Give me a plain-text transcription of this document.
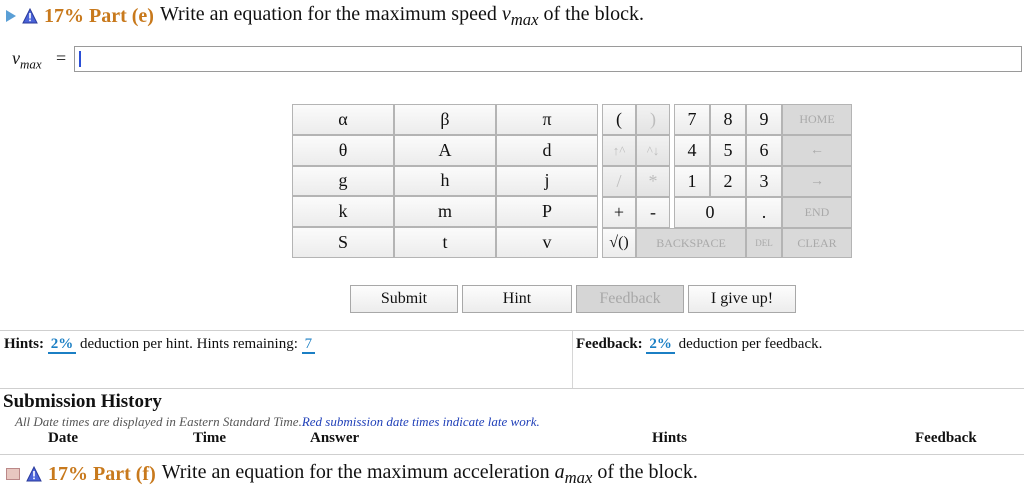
17% Part (e) Write an equation for the maximum speed $v_{max}$ of the block.
$v_{max}$ =
α	β	π
θ	A	d
g	h	j
k	m	P
S	t	v
(	)	7	8	9	HOME
↑^	^↓	4	5	6	←
/	*	1	2	3	→
+	-	0	.	END
√()	BACKSPACE	DEL	CLEAR
Submit	Hint	Feedback	I give up!
Hints: 2% deduction per hint. Hints remaining: 7	Feedback: 2% deduction per feedback.
Submission History
All Date times are displayed in Eastern Standard Time.Red submission date times indicate late work.
Date	Time	Answer	Hints	Feedback
17% Part (f) Write an equation for the maximum acceleration $a_{max}$ of the block.
